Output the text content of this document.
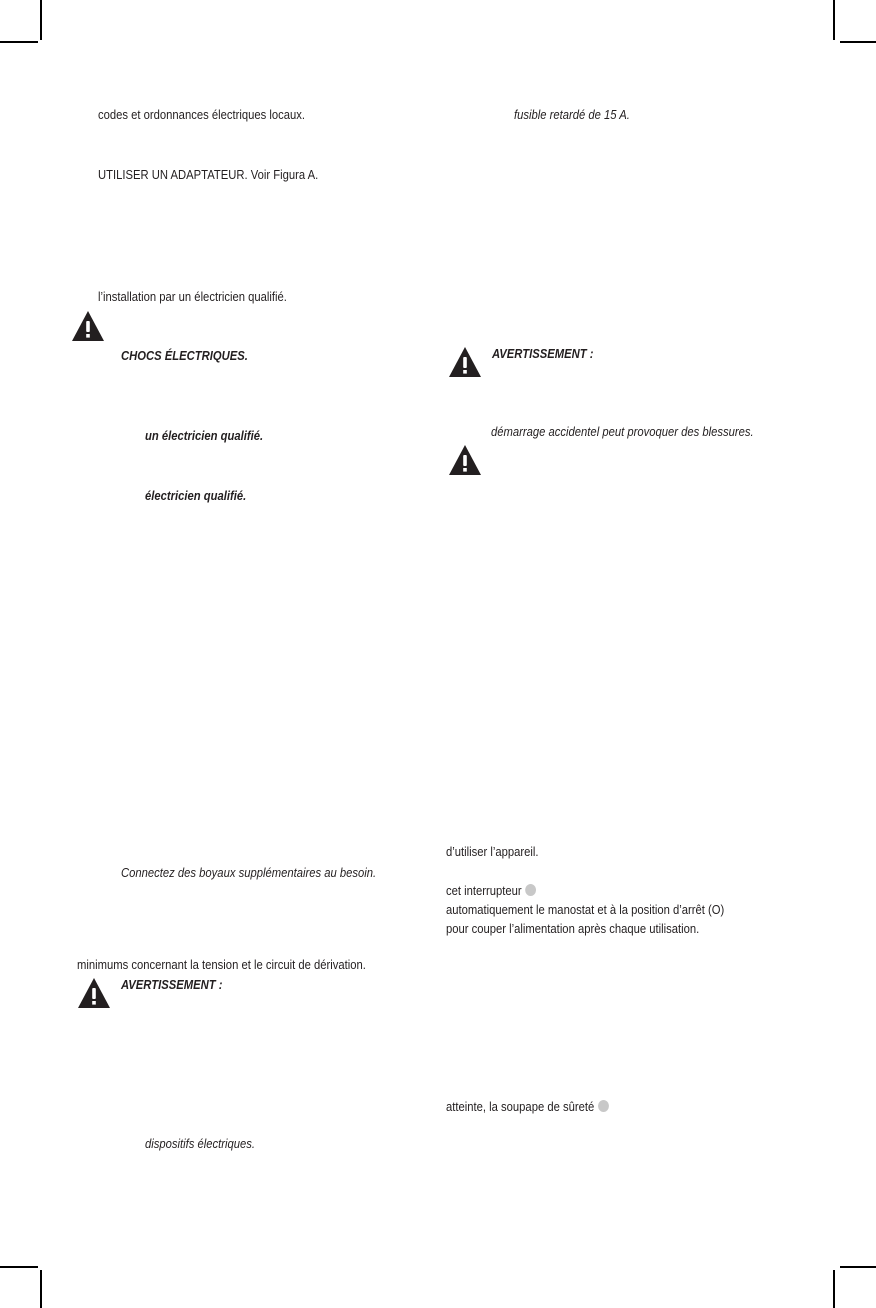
codes et ordonnances électriques locaux.
UTILISER UN ADAPTATEUR. Voir Figura A.
l’installation par un électricien qualifié.
CHOCS ÉLECTRIQUES.
un électricien qualifié.
électricien qualifié.
Connectez des boyaux supplémentaires au besoin.
minimums concernant la tension et le circuit de dérivation.
AVERTISSEMENT :
dispositifs électriques.
fusible retardé de 15 A.
AVERTISSEMENT :
démarrage accidentel peut provoquer des blessures.
d’utiliser l’appareil.
cet interrupteur
automatiquement le manostat et à la position d’arrêt (O)
pour couper l’alimentation après chaque utilisation.
atteinte, la soupape de sûreté
